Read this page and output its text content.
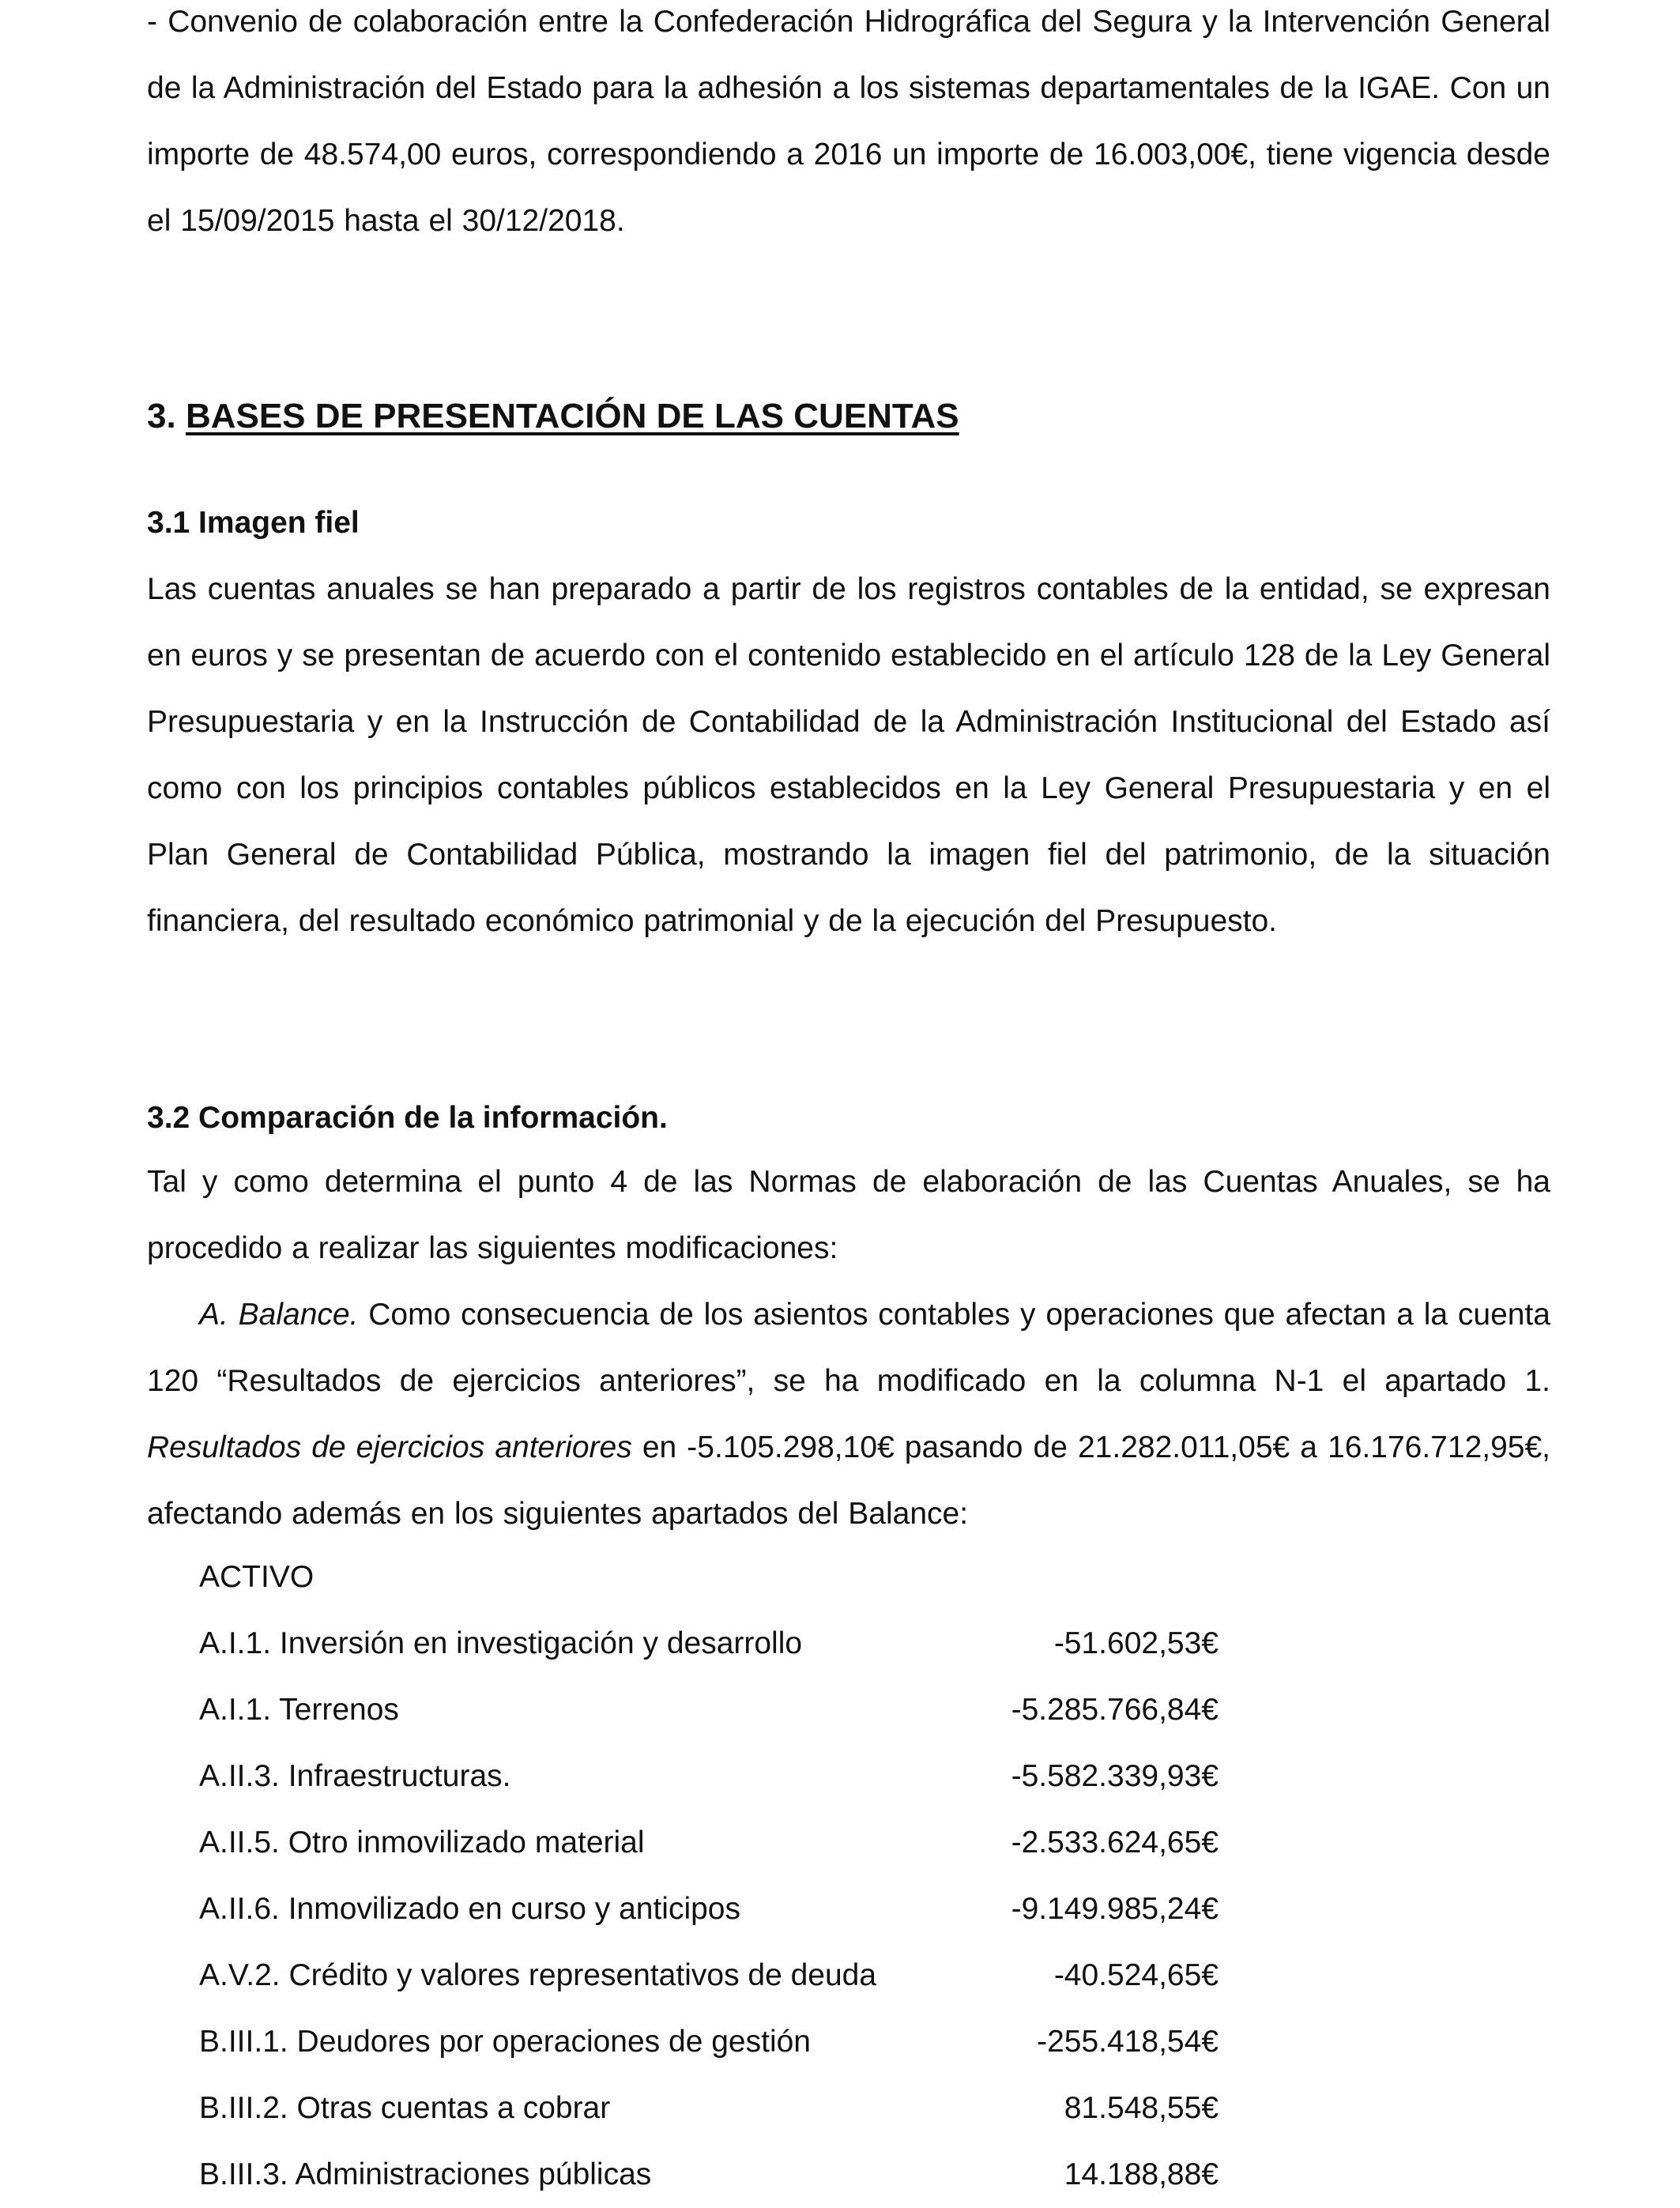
- Convenio de colaboración entre la Confederación Hidrográfica del Segura y la Intervención General de la Administración del Estado para la adhesión a los sistemas departamentales de la IGAE. Con un importe de 48.574,00 euros, correspondiendo a 2016 un importe de 16.003,00€, tiene vigencia desde el 15/09/2015 hasta el 30/12/2018.

3. BASES DE PRESENTACIÓN DE LAS CUENTAS
3.1 Imagen fiel

Las cuentas anuales se han preparado a partir de los registros contables de la entidad, se expresan en euros y se presentan de acuerdo con el contenido establecido en el artículo 128 de la Ley General Presupuestaria y en la Instrucción de Contabilidad de la Administración Institucional del Estado así como con los principios contables públicos establecidos en la Ley General Presupuestaria y en el Plan General de Contabilidad Pública, mostrando la imagen fiel del patrimonio, de la situación financiera, del resultado económico patrimonial y de la ejecución del Presupuesto.

3.2 Comparación de la información.

Tal y como determina el punto 4 de las Normas de elaboración de las Cuentas Anuales, se ha procedido a realizar las siguientes modificaciones:

A. Balance. Como consecuencia de los asientos contables y operaciones que afectan a la cuenta 120 “Resultados de ejercicios anteriores”, se ha modificado en la columna N-1 el apartado 1. Resultados de ejercicios anteriores en -5.105.298,10€ pasando de 21.282.011,05€ a 16.176.712,95€, afectando además en los siguientes apartados del Balance:

ACTIVO
A.I.1. Inversión en investigación y desarrollo	-51.602,53€
A.I.1. Terrenos	-5.285.766,84€
A.II.3. Infraestructuras.	-5.582.339,93€
A.II.5. Otro inmovilizado material	-2.533.624,65€
A.II.6. Inmovilizado en curso y anticipos	-9.149.985,24€
A.V.2. Crédito y valores representativos de deuda	-40.524,65€
B.III.1. Deudores por operaciones de gestión	-255.418,54€
B.III.2. Otras cuentas a cobrar	81.548,55€
B.III.3. Administraciones públicas	14.188,88€
